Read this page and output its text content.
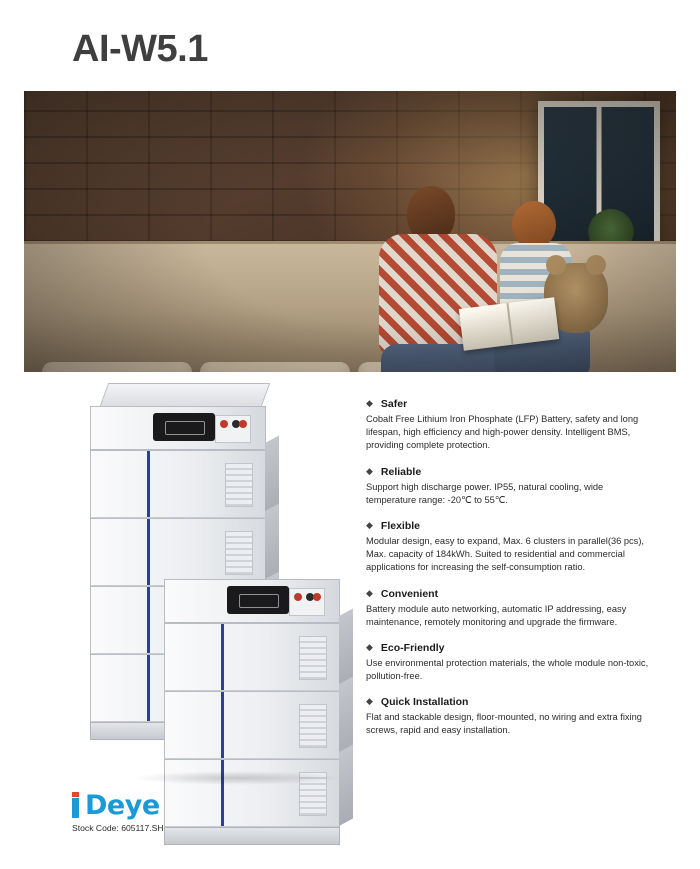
AI-W5.1
◆ Safer
Cobalt Free Lithium Iron Phosphate (LFP) Battery, safety and long lifespan, high efficiency and high-power density. Intelligent BMS, providing complete protection.
◆ Reliable
Support high discharge power. IP55, natural cooling, wide temperature range: -20℃ to 55℃.
◆ Flexible
Modular design, easy to expand, Max. 6 clusters in parallel(36 pcs), Max. capacity of 184kWh. Suited to residential and commercial applications for increasing the self-consumption ratio.
◆ Convenient
Battery module auto networking, automatic IP addressing, easy maintenance, remotely monitoring and upgrade the firmware.
◆ Eco-Friendly
Use environmental protection materials, the whole module non-toxic, pollution-free.
◆ Quick Installation
Flat and stackable design, floor-mounted, no wiring and extra fixing screws, rapid and easy installation.
Deye
Stock Code: 605117.SH
